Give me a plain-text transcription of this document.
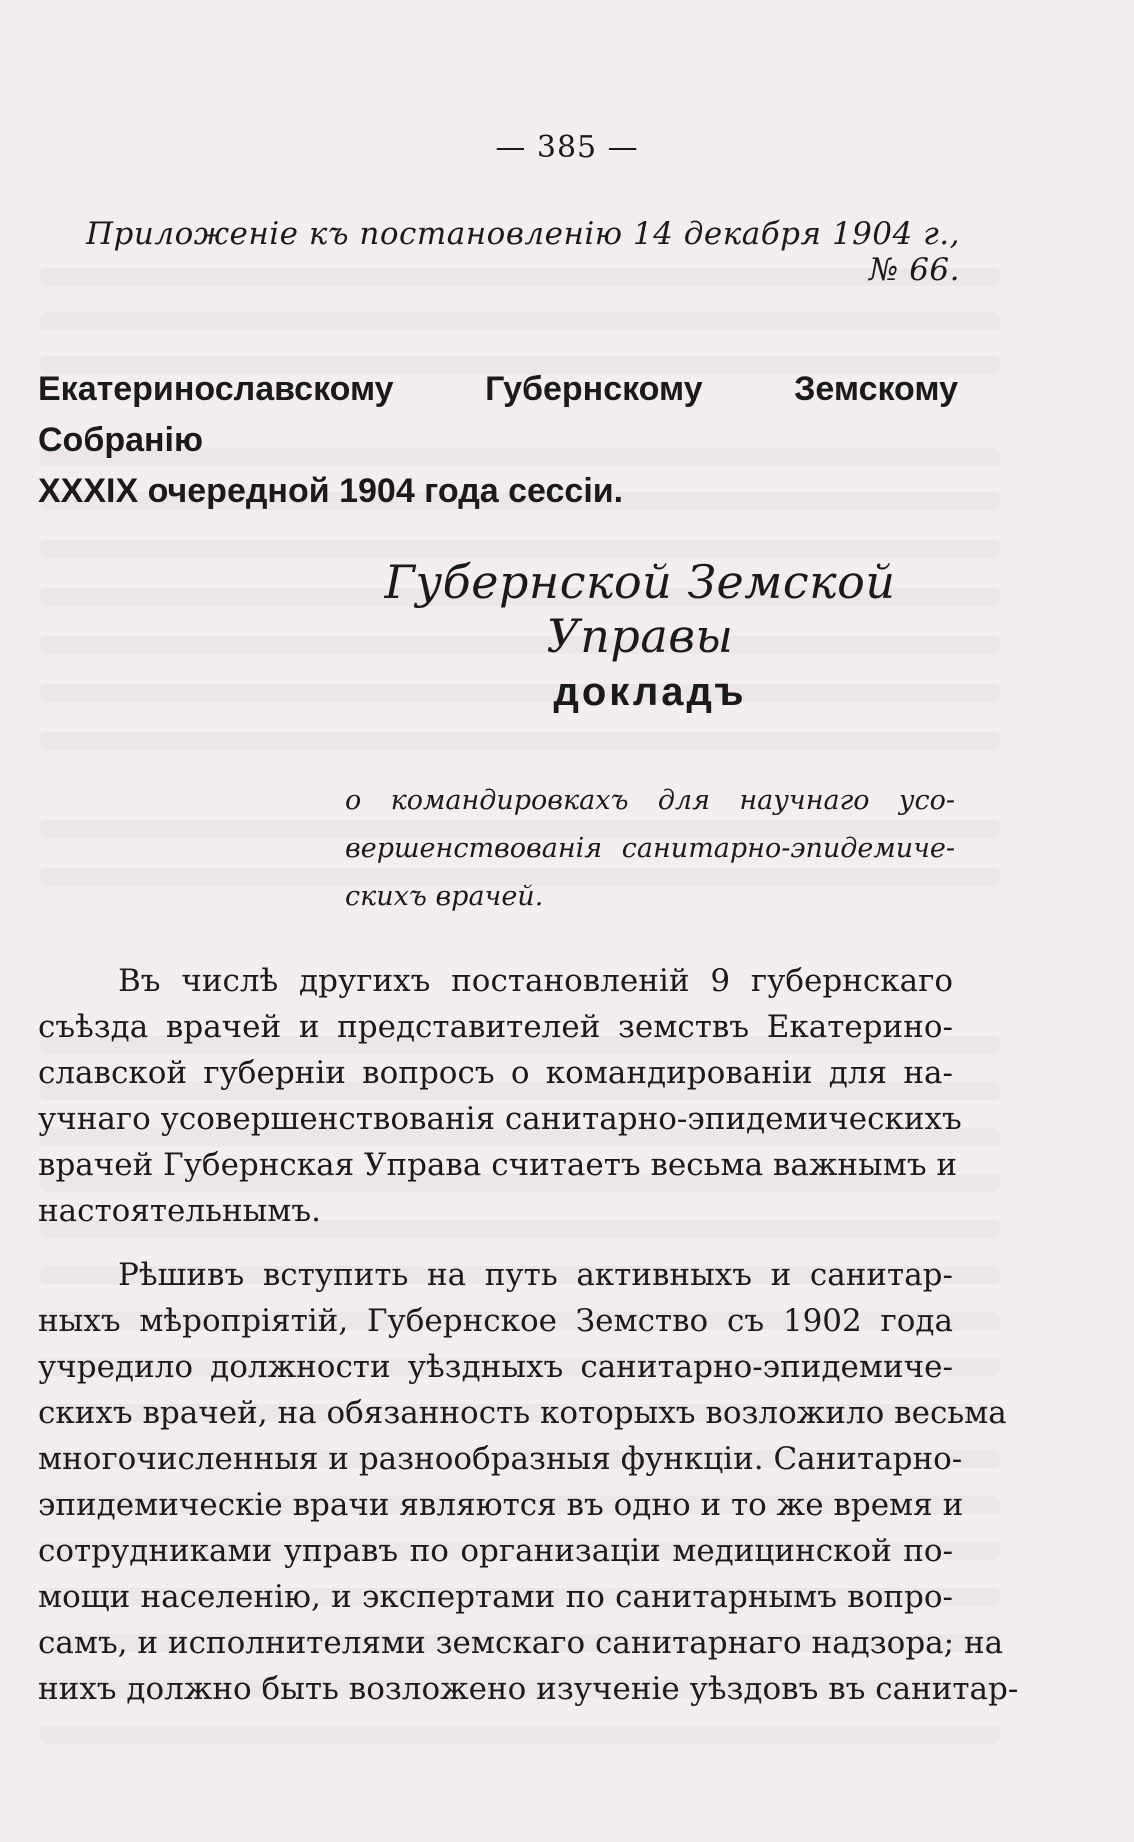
— 385 —
Приложенiе къ постановленiю 14 декабря 1904 г., № 66.
Екатеринославскому Губернскому Земскому Собранiю
XXXIX очередной 1904 года сессiи.
Губернской Земской Управы
докладъ
о командировкахъ для научнаго усо-
вершенствованiя санитарно-эпидемиче-
скихъ врачей.
Въ числѣ другихъ постановленiй 9 губернскаго
съѣзда врачей и представителей земствъ Екатерино-
славской губернiи вопросъ о командированiи для на-
учнаго усовершенствованiя санитарно-эпидемическихъ
врачей Губернская Управа считаетъ весьма важнымъ и
настоятельнымъ.
Рѣшивъ вступить на путь активныхъ и санитар-
ныхъ мѣропрiятiй, Губернское Земство съ 1902 года
учредило должности уѣздныхъ санитарно-эпидемиче-
скихъ врачей, на обязанность которыхъ возложило весьма
многочисленныя и разнообразныя функцiи. Санитарно-
эпидемическiе врачи являются въ одно и то же время и
сотрудниками управъ по организацiи медицинской по-
мощи населенiю, и экспертами по санитарнымъ вопро-
самъ, и исполнителями земскаго санитарнаго надзора; на
нихъ должно быть возложено изученiе уѣздовъ въ санитар-
